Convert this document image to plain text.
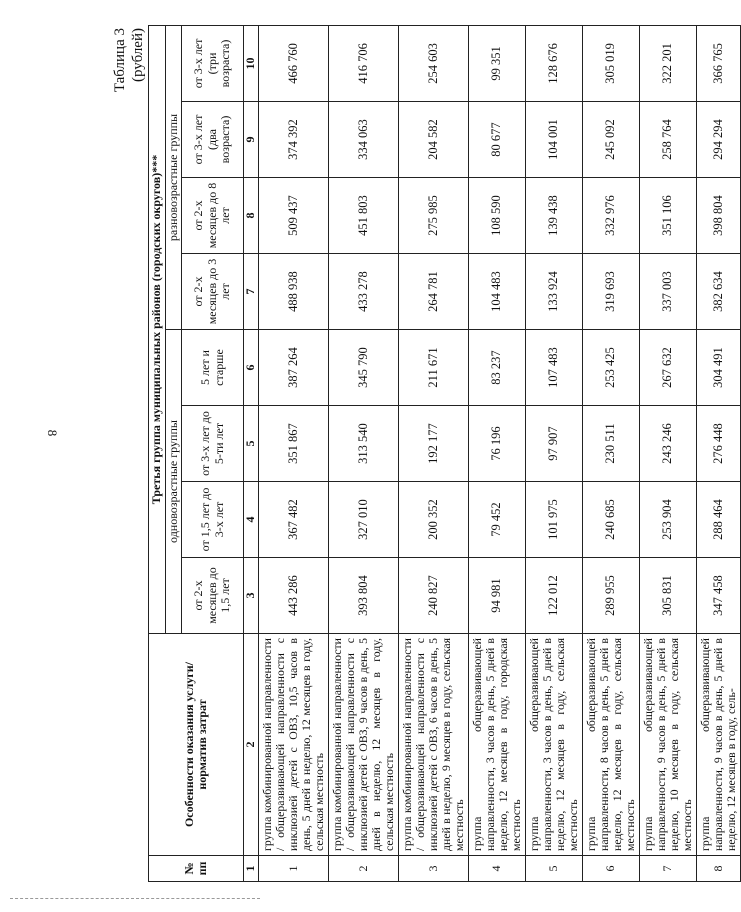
8
Таблица 3 (рублей)
№ пп	Особенности оказания услуги/норматив затрат	Третья группа муниципальных районов (городских округов)***							
		одновозрастные группы				разновозрастные группы			
		от 2-х месяцев до 1,5 лет	от 1,5 лет до 3-х лет	от 3-х лет до 5-ти лет	5 лет и старше	от 2-х месяцев до 3 лет	от 2-х месяцев до 8 лет	от 3-х лет (два возраста)	от 3-х лет (три возраста)
1	2	3	4	5	6	7	8	9	10
1	группа комбинированной направленности / общеразвивающей направленности с инклюзией детей с ОВЗ, 10,5 часов в день, 5 дней в неделю, 12 месяцев в году, сельская местность	443 286	367 482	351 867	387 264	488 938	509 437	374 392	466 760
2	группа комбинированной направленности / общеразвивающей направленности с инклюзией детей с ОВЗ, 9 часов в день, 5 дней в неделю, 12 месяцев в году, сельская местность	393 804	327 010	313 540	345 790	433 278	451 803	334 063	416 706
3	группа комбинированной направленности / общеразвивающей направленности с инклюзией детей с ОВЗ, 6 часов в день, 5 дней в неделю, 9 месяцев в году, сельская местность	240 827	200 352	192 177	211 671	264 781	275 985	204 582	254 603
4	группа общеразвивающей направленности, 3 часов в день, 5 дней в неделю, 12 месяцев в году, городская местность	94 981	79 452	76 196	83 237	104 483	108 590	80 677	99 351
5	группа общеразвивающей направленности, 3 часов в день, 5 дней в неделю, 12 месяцев в году, сельская местность	122 012	101 975	97 907	107 483	133 924	139 438	104 001	128 676
6	группа общеразвивающей направленности, 8 часов в день, 5 дней в неделю, 12 месяцев в году, сельская местность	289 955	240 685	230 511	253 425	319 693	332 976	245 092	305 019
7	группа общеразвивающей направленности, 9 часов в день, 5 дней в неделю, 10 месяцев в году, сельская местность	305 831	253 904	243 246	267 632	337 003	351 106	258 764	322 201
8	группа общеразвивающей направленности, 9 часов в день, 5 дней в неделю, 12 месяцев в году, сель-	347 458	288 464	276 448	304 491	382 634	398 804	294 294	366 765
